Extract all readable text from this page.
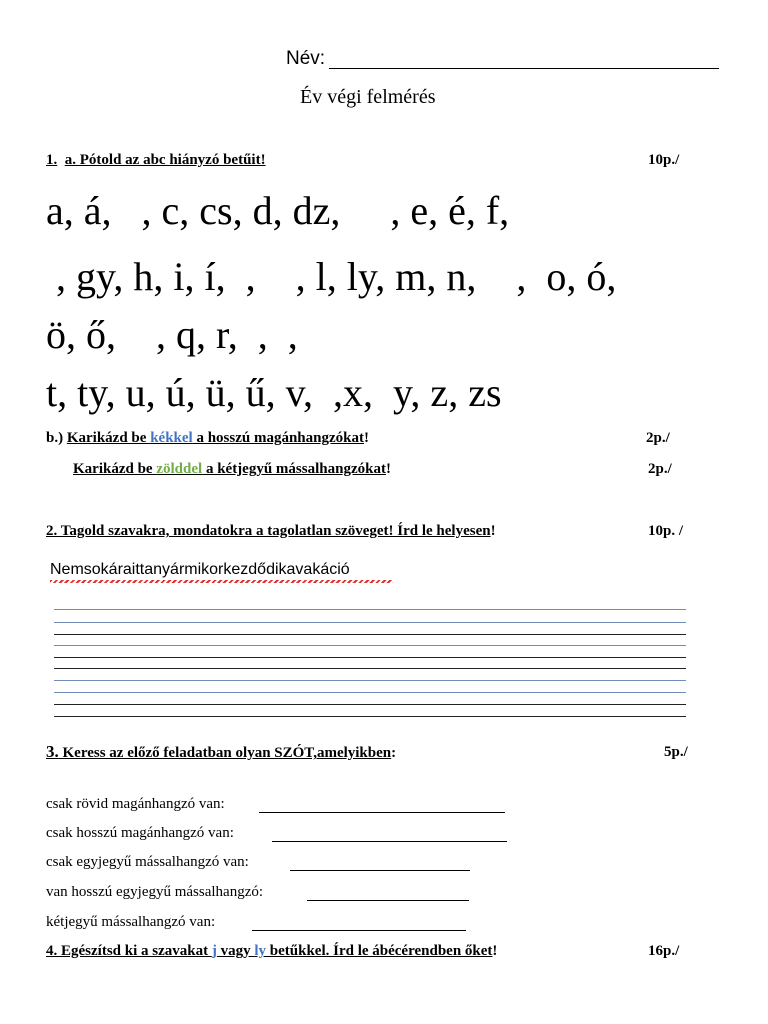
Név:
Év végi felmérés
1. a. Pótold az abc hiányzó betűit!	10p./
a, á,   , c, cs, d, dz,     , e, é, f,
, gy, h, i, í,  ,    , l, ly, m, n,    ,  o, ó,
ö, ő,    , q, r,  ,  ,
t, ty, u, ú, ü, ű, v,  ,x,  y, z, zs
b.) Karikázd be kékkel a hosszú magánhangzókat!	2p./
Karikázd be zölddel a kétjegyű mássalhangzókat!	2p./
2. Tagold szavakra, mondatokra a tagolatlan szöveget! Írd le helyesen!	10p. /
Nemsokáraittanyármikorkezdődikavakáció
3. Keress az előző feladatban olyan SZÓT,amelyikben:	5p./
csak rövid magánhangzó van:
csak hosszú magánhangzó van:
csak egyjegyű mássalhangzó van:
van hosszú egyjegyű mássalhangzó:
kétjegyű mássalhangzó van:
4. Egészítsd ki a szavakat j vagy ly betűkkel. Írd le ábécérendben őket!	16p./
